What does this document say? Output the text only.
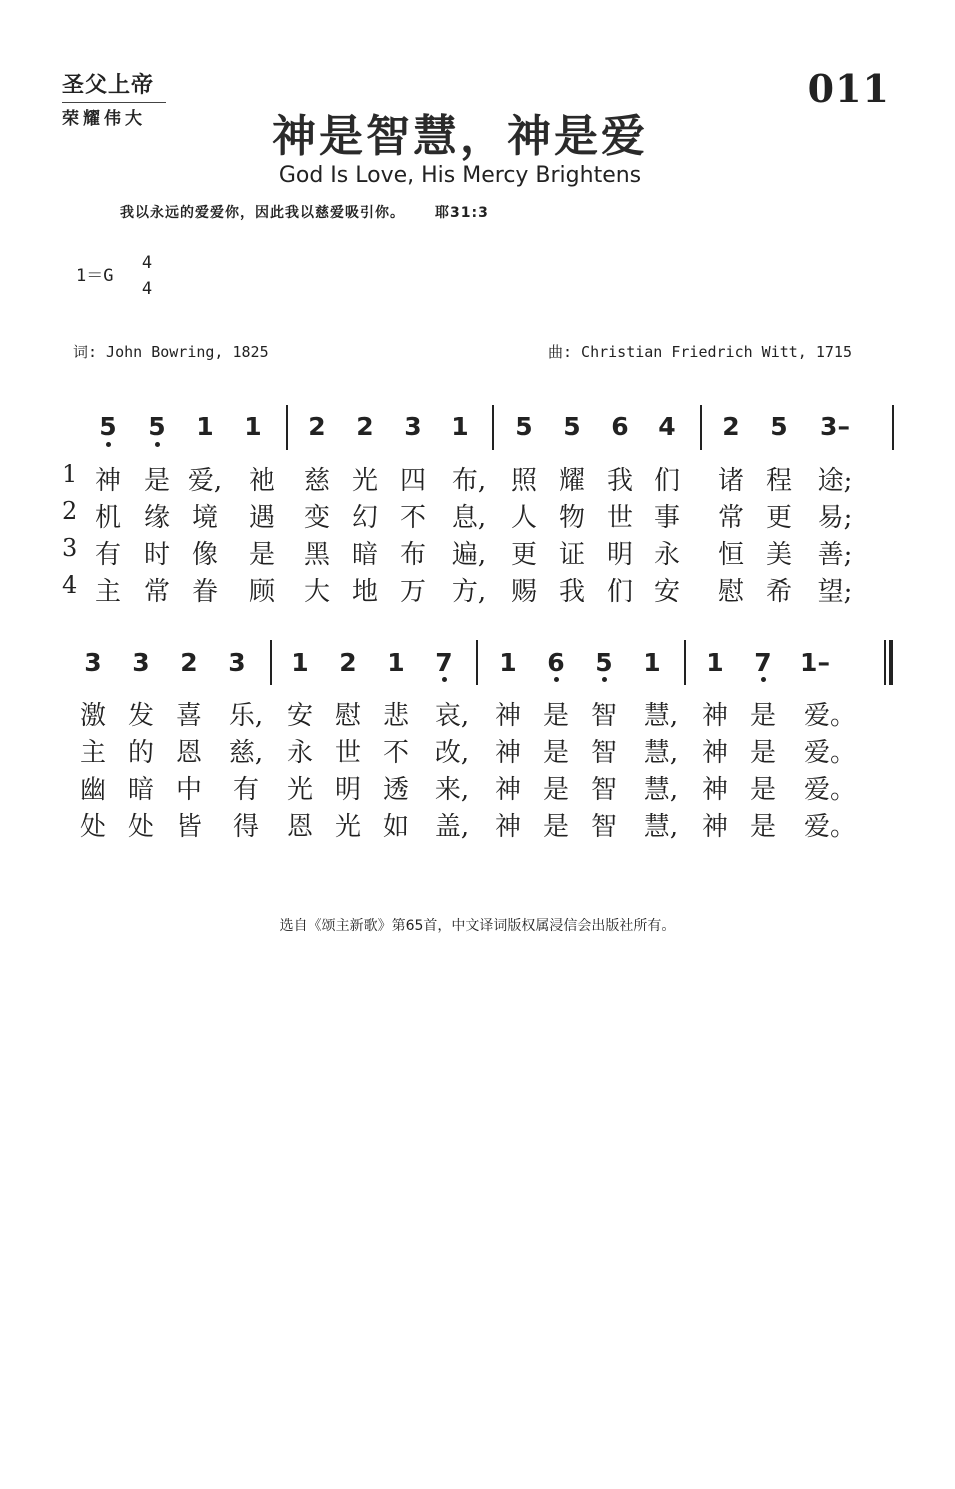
圣父上帝
荣耀伟大
011
神是智慧，神是爱
God Is Love, His Mercy Brightens
我以永远的爱爱你，因此我以慈爱吸引你。 耶31:3
1＝G
4
4
词: John Bowring, 1825	曲: Christian Friedrich Witt, 1715
5	5	1	1	2	2	3	1	5	5	6	4	2	5	3–
1 神 是 爱, 祂 慈 光 四 布, 照 耀 我 们 诸 程 途;
2 机 缘 境 遇 变 幻 不 息, 人 物 世 事 常 更 易;
3 有 时 像 是 黑 暗 布 遍, 更 证 明 永 恒 美 善;
4 主 常 眷 顾 大 地 万 方, 赐 我 们 安 慰 希 望;
3	3	2	3	1	2	1	7	1	6	5	1	1	7	1–
激 发 喜 乐, 安 慰 悲 哀, 神 是 智 慧, 神 是 爱。
主 的 恩 慈, 永 世 不 改, 神 是 智 慧, 神 是 爱。
幽 暗 中 有 光 明 透 来, 神 是 智 慧, 神 是 爱。
处 处 皆 得 恩 光 如 盖, 神 是 智 慧, 神 是 爱。
选自《颂主新歌》第65首，中文译词版权属浸信会出版社所有。
